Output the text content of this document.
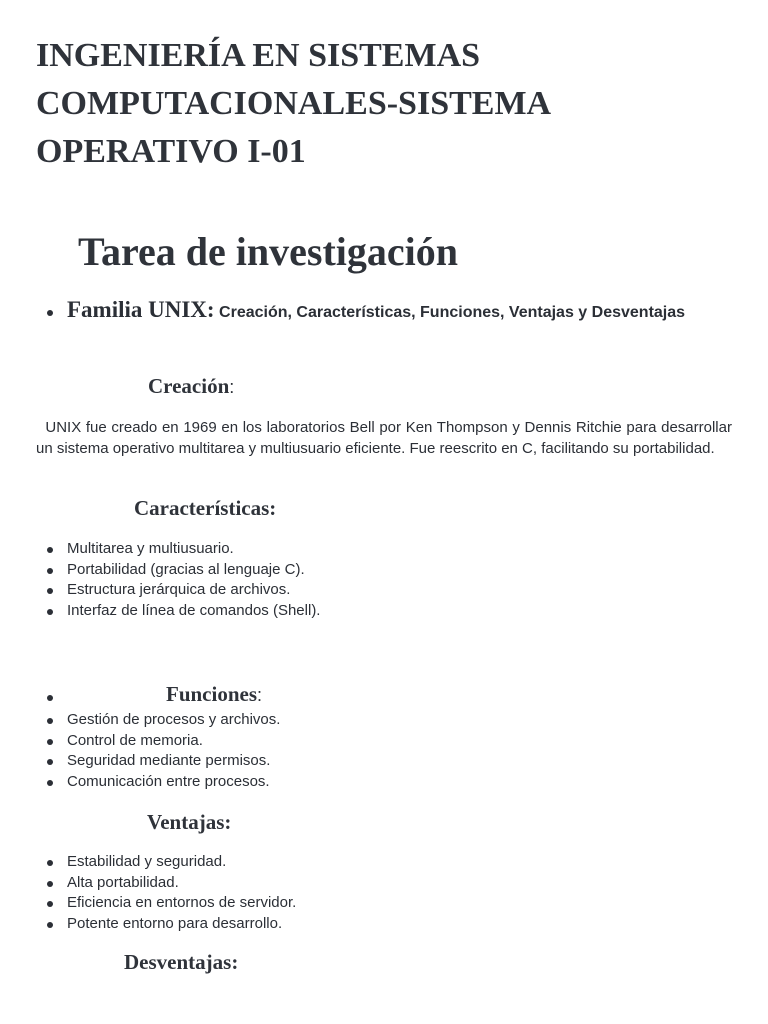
INGENIERÍA EN SISTEMAS COMPUTACIONALES-SISTEMA OPERATIVO I-01
Tarea de investigación
Familia UNIX: Creación, Características, Funciones, Ventajas y Desventajas
Creación:

UNIX fue creado en 1969 en los laboratorios Bell por Ken Thompson y Dennis Ritchie para desarrollar un sistema operativo multitarea y multiusuario eficiente. Fue reescrito en C, facilitando su portabilidad.

Características:
Multitarea y multiusuario.
Portabilidad (gracias al lenguaje C).
Estructura jerárquica de archivos.
Interfaz de línea de comandos (Shell).
Funciones:
Gestión de procesos y archivos.
Control de memoria.
Seguridad mediante permisos.
Comunicación entre procesos.
Ventajas:
Estabilidad y seguridad.
Alta portabilidad.
Eficiencia en entornos de servidor.
Potente entorno para desarrollo.
Desventajas:
